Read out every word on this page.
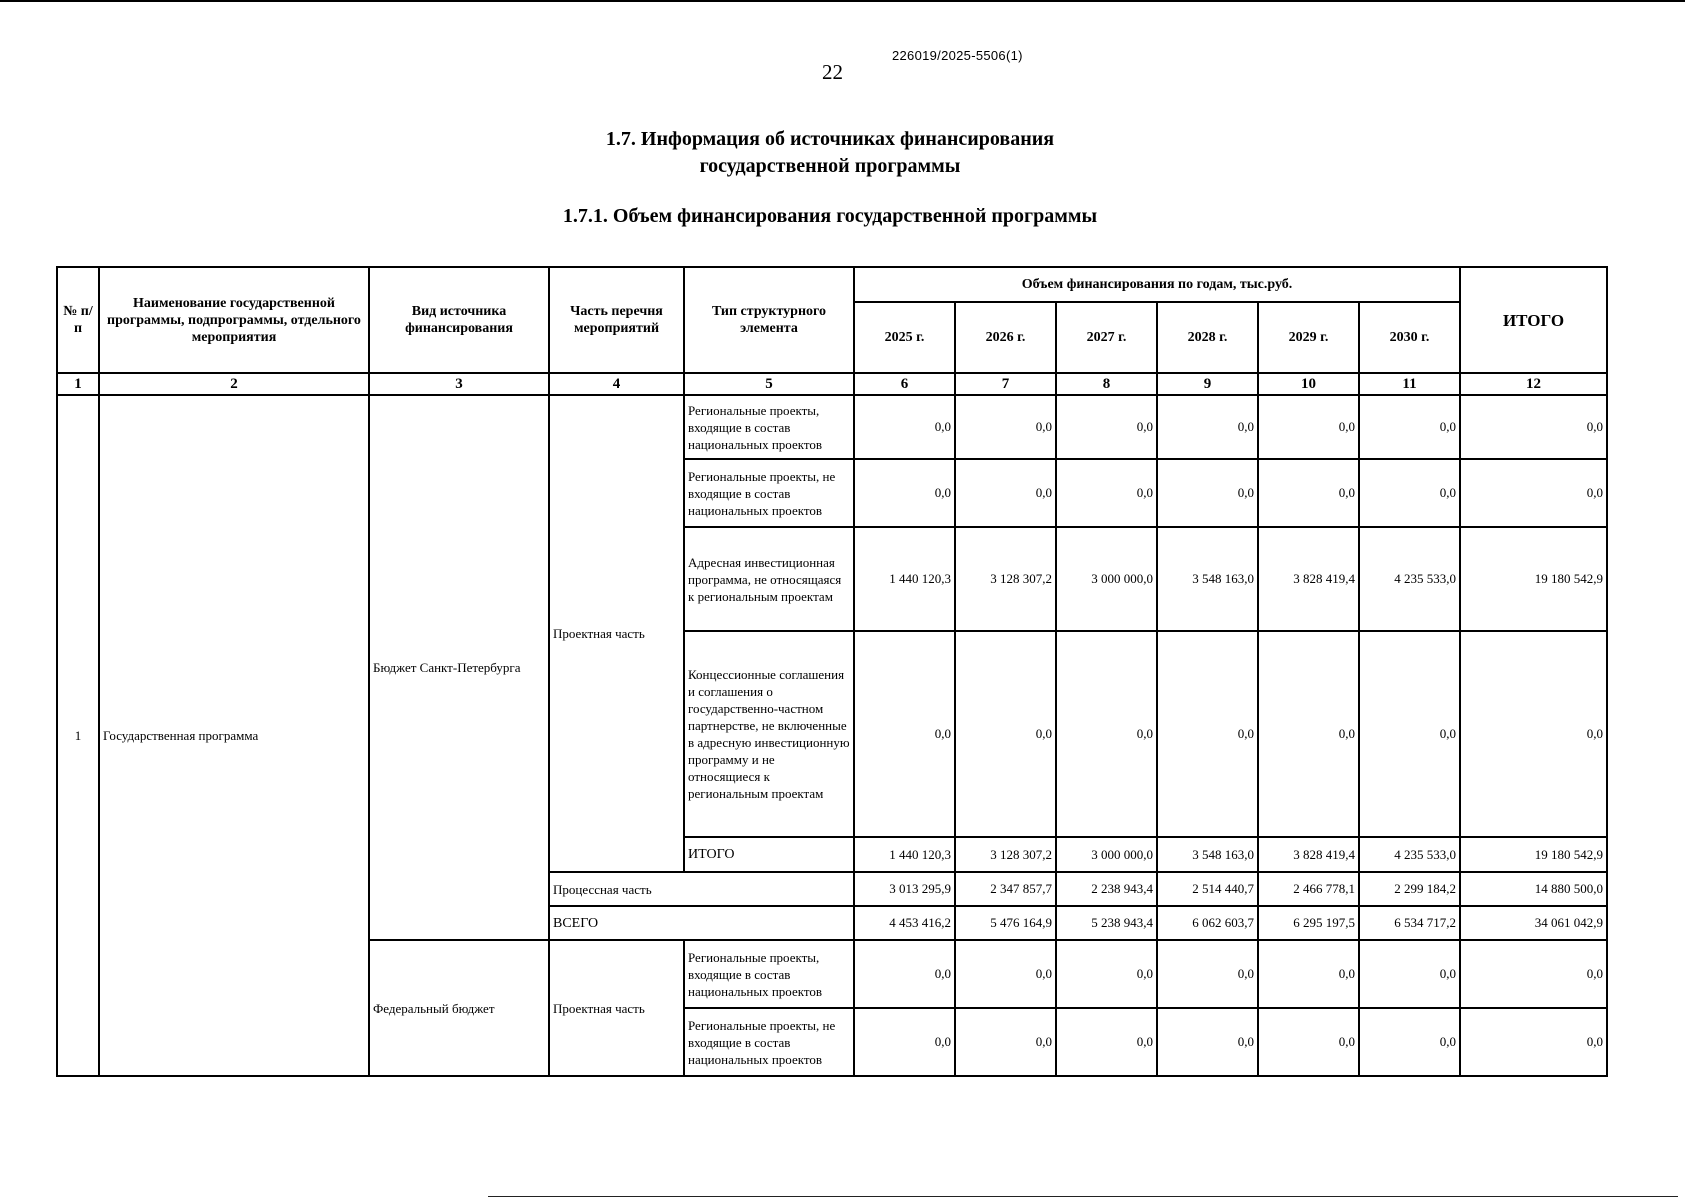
226019/2025-5506(1)
22
1.7. Информация об источниках финансирования
государственной программы
1.7.1. Объем финансирования государственной программы
№ п/п	Наименование государственной программы, подпрограммы, отдельного мероприятия	Вид источника финансирования	Часть перечня мероприятий	Тип структурного элемента	Объем финансирования по годам, тыс.руб.						ИТОГО
					2025 г.	2026 г.	2027 г.	2028 г.	2029 г.	2030 г.	
1	2	3	4	5	6	7	8	9	10	11	12
1	Государственная программа	Бюджет Санкт-Петербурга	Проектная часть	Региональные проекты, входящие в состав национальных проектов	0,0	0,0	0,0	0,0	0,0	0,0	0,0
				Региональные проекты, не входящие в состав национальных проектов	0,0	0,0	0,0	0,0	0,0	0,0	0,0
				Адресная инвестиционная программа, не относящаяся к региональным проектам	1 440 120,3	3 128 307,2	3 000 000,0	3 548 163,0	3 828 419,4	4 235 533,0	19 180 542,9
				Концессионные соглашения и соглашения о государственно-частном партнерстве, не включенные в адресную инвестиционную программу и не относящиеся к региональным проектам	0,0	0,0	0,0	0,0	0,0	0,0	0,0
				ИТОГО	1 440 120,3	3 128 307,2	3 000 000,0	3 548 163,0	3 828 419,4	4 235 533,0	19 180 542,9
			Процессная часть		3 013 295,9	2 347 857,7	2 238 943,4	2 514 440,7	2 466 778,1	2 299 184,2	14 880 500,0
			ВСЕГО		4 453 416,2	5 476 164,9	5 238 943,4	6 062 603,7	6 295 197,5	6 534 717,2	34 061 042,9
		Федеральный бюджет	Проектная часть	Региональные проекты, входящие в состав национальных проектов	0,0	0,0	0,0	0,0	0,0	0,0	0,0
				Региональные проекты, не входящие в состав национальных проектов	0,0	0,0	0,0	0,0	0,0	0,0	0,0
